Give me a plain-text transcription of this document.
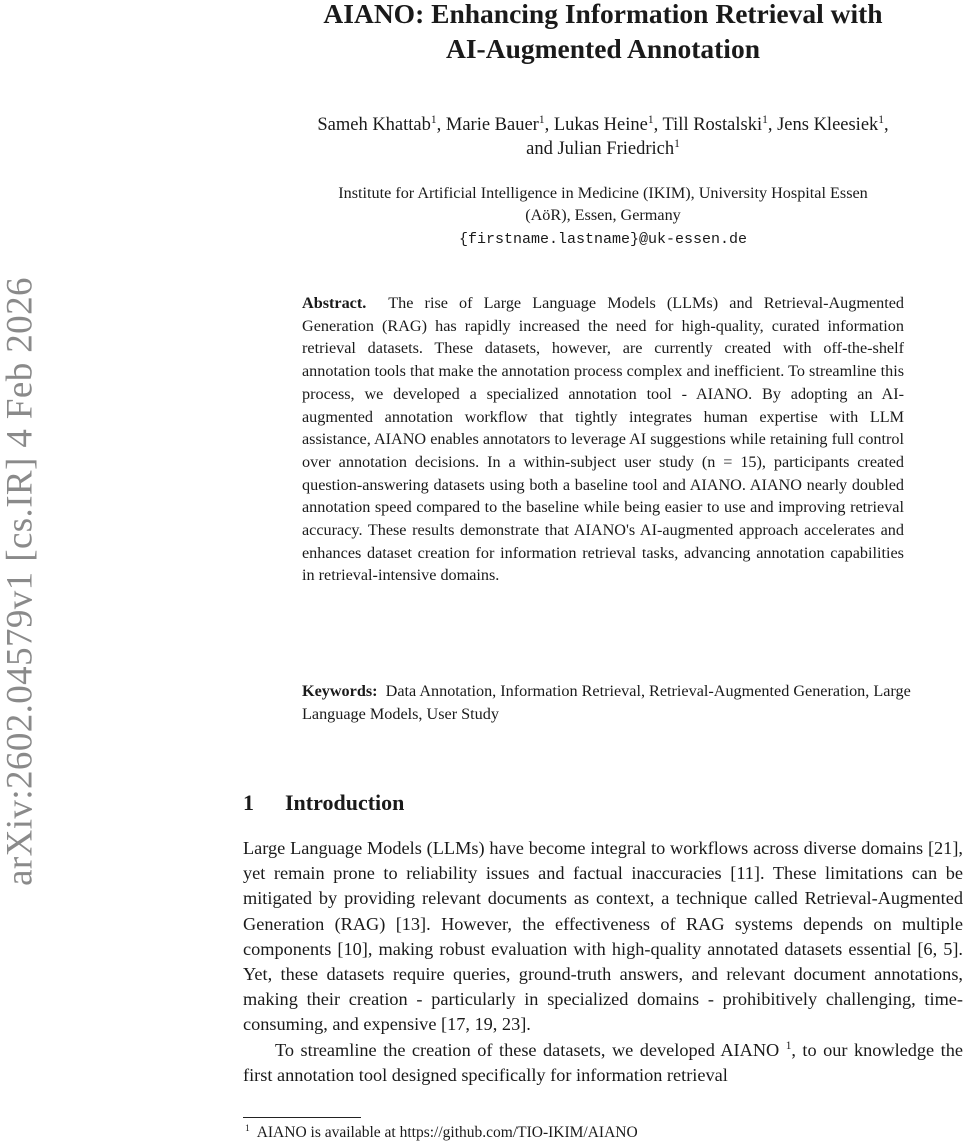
arXiv:2602.04579v1 [cs.IR] 4 Feb 2026
AIANO: Enhancing Information Retrieval with
AI-Augmented Annotation
Sameh Khattab$^1$, Marie Bauer$^1$, Lukas Heine$^1$, Till Rostalski$^1$, Jens Kleesiek$^1$,
and Julian Friedrich$^1$
Institute for Artificial Intelligence in Medicine (IKIM), University Hospital Essen
(AöR), Essen, Germany
{firstname.lastname}@uk-essen.de
Abstract. The rise of Large Language Models (LLMs) and Retrieval-Augmented Generation (RAG) has rapidly increased the need for high-quality, curated information retrieval datasets. These datasets, however, are currently created with off-the-shelf annotation tools that make the annotation process complex and inefficient. To streamline this process, we developed a specialized annotation tool - AIANO. By adopting an AI-augmented annotation workflow that tightly integrates human expertise with LLM assistance, AIANO enables annotators to leverage AI suggestions while retaining full control over annotation decisions. In a within-subject user study (n = 15), participants created question-answering datasets using both a baseline tool and AIANO. AIANO nearly doubled annotation speed compared to the baseline while being easier to use and improving retrieval accuracy. These results demonstrate that AIANO's AI-augmented approach accelerates and enhances dataset creation for information retrieval tasks, advancing annotation capabilities in retrieval-intensive domains.
Keywords: Data Annotation, Information Retrieval, Retrieval-Augmented Generation, Large Language Models, User Study
1 Introduction

Large Language Models (LLMs) have become integral to workflows across diverse domains [21], yet remain prone to reliability issues and factual inaccuracies [11]. These limitations can be mitigated by providing relevant documents as context, a technique called Retrieval-Augmented Generation (RAG) [13]. However, the effectiveness of RAG systems depends on multiple components [10], making robust evaluation with high-quality annotated datasets essential [6, 5]. Yet, these datasets require queries, ground-truth answers, and relevant document annotations, making their creation - particularly in specialized domains - prohibitively challenging, time-consuming, and expensive [17, 19, 23].

To streamline the creation of these datasets, we developed AIANO $^1$, to our knowledge the first annotation tool designed specifically for information retrieval

$^1$ AIANO is available at https://github.com/TIO-IKIM/AIANO
